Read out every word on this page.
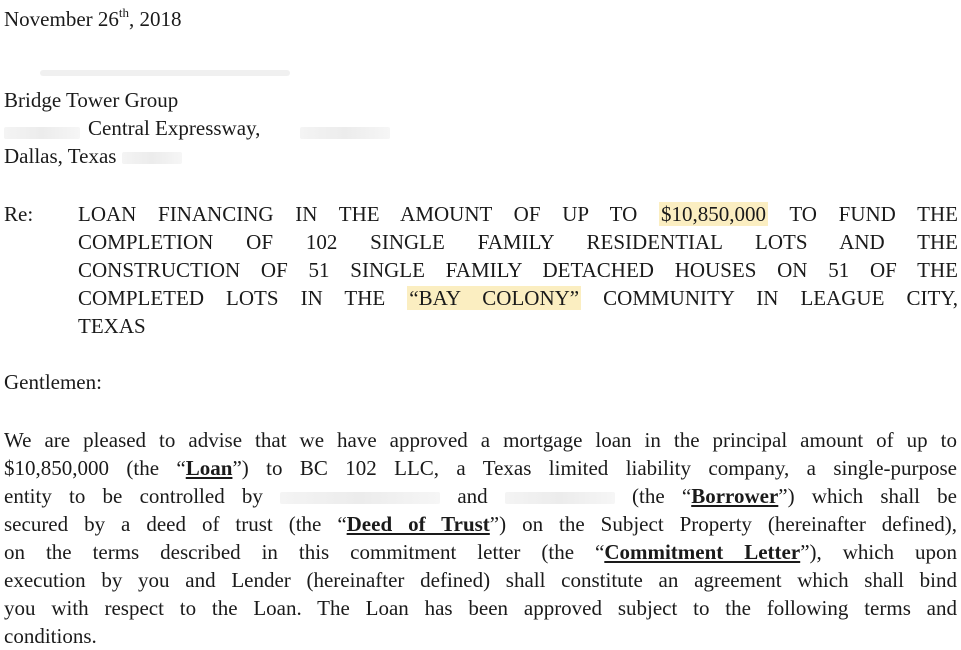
November 26th, 2018
Bridge Tower Group
Central Expressway,
Dallas, Texas
Re: LOAN FINANCING IN THE AMOUNT OF UP TO $10,850,000 TO FUND THE
COMPLETION OF 102 SINGLE FAMILY RESIDENTIAL LOTS AND THE
CONSTRUCTION OF 51 SINGLE FAMILY DETACHED HOUSES ON 51 OF THE
COMPLETED LOTS IN THE “BAY COLONY” COMMUNITY IN LEAGUE CITY,
TEXAS
Gentlemen:
We are pleased to advise that we have approved a mortgage loan in the principal amount of up to
$10,850,000 (the “Loan”) to BC 102 LLC, a Texas limited liability company, a single-purpose
entity to be controlled by	and	(the “Borrower”) which shall be
secured by a deed of trust (the “Deed of Trust”) on the Subject Property (hereinafter defined),
on the terms described in this commitment letter (the “Commitment Letter”), which upon
execution by you and Lender (hereinafter defined) shall constitute an agreement which shall bind
you with respect to the Loan. The Loan has been approved subject to the following terms and
conditions.
